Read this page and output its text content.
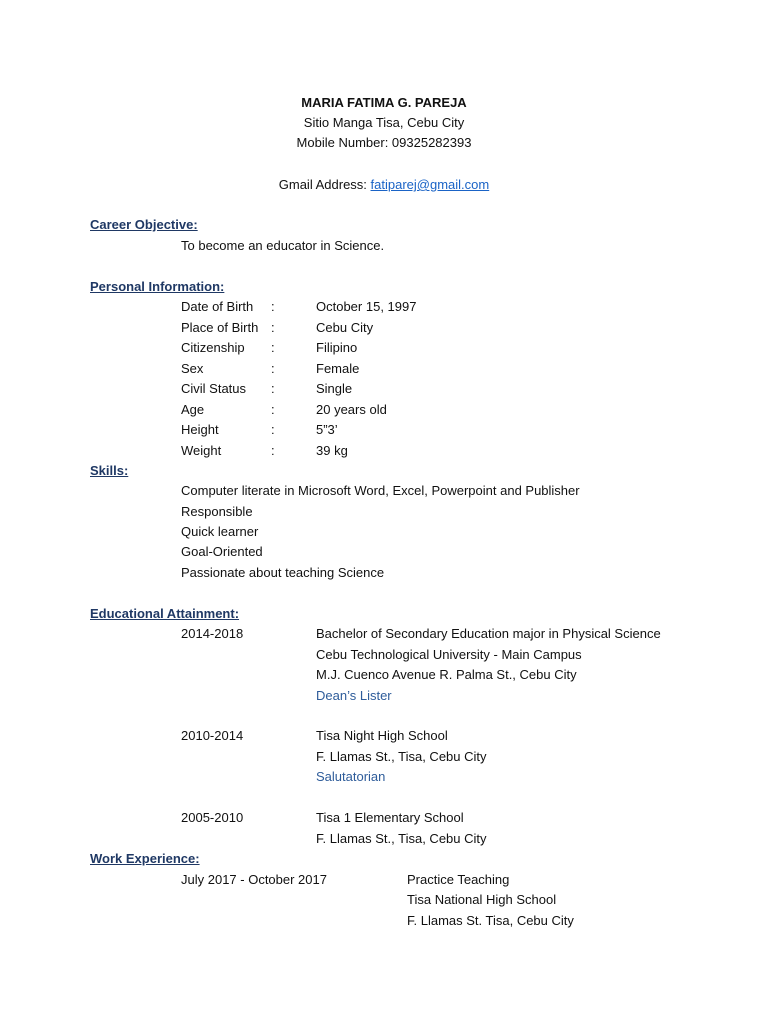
MARIA FATIMA G. PAREJA
Sitio Manga Tisa, Cebu City
Mobile Number: 09325282393
Gmail Address: fatiparej@gmail.com
Career Objective:
To become an educator in Science.
Personal Information:
Date of Birth :	October 15, 1997
Place of Birth :	Cebu City
Citizenship :	Filipino
Sex	:	Female
Civil Status :	Single
Age	:	20 years old
Height	:	5”3’
Weight	:	39 kg
Skills:
Computer literate in Microsoft Word, Excel, Powerpoint and Publisher
Responsible
Quick learner
Goal-Oriented
Passionate about teaching Science
Educational Attainment:
2014-2018	Bachelor of Secondary Education major in Physical Science
Cebu Technological University - Main Campus
M.J. Cuenco Avenue R. Palma St., Cebu City
Dean’s Lister
2010-2014	Tisa Night High School
F. Llamas St., Tisa, Cebu City
Salutatorian
2005-2010	Tisa 1 Elementary School
F. Llamas St., Tisa, Cebu City
Work Experience:
July 2017 - October 2017	Practice Teaching
Tisa National High School
F. Llamas St. Tisa, Cebu City
